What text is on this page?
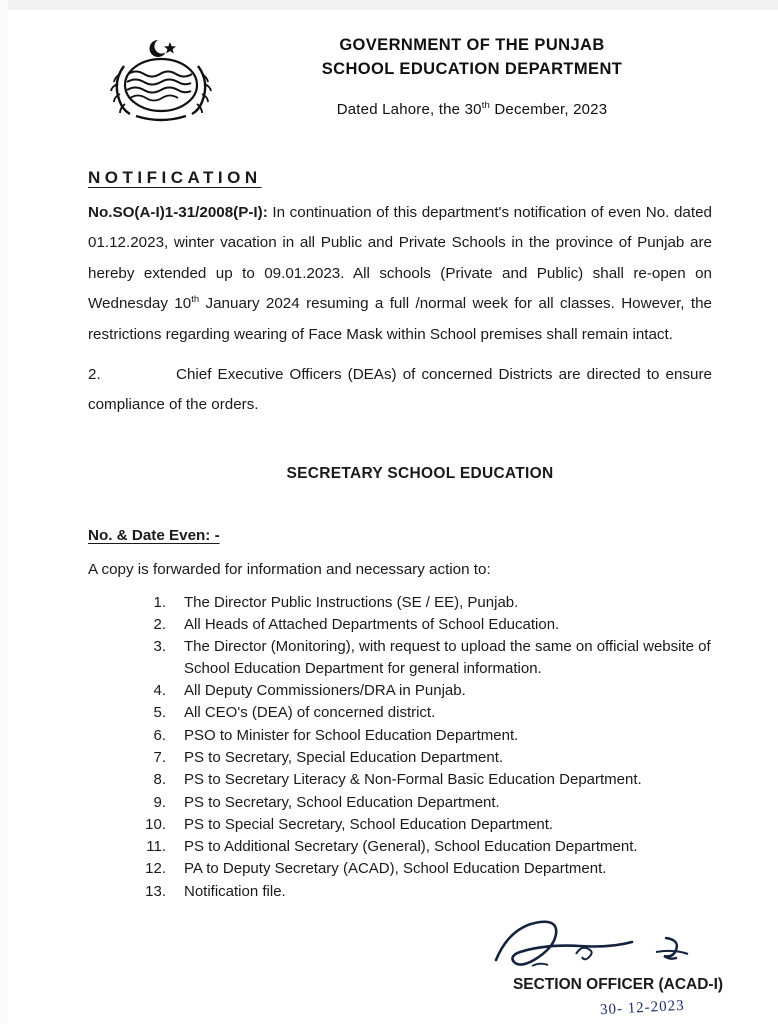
GOVERNMENT OF THE PUNJAB
SCHOOL EDUCATION DEPARTMENT
Dated Lahore, the 30th December, 2023
NOTIFICATION

No.SO(A-I)1-31/2008(P-I): In continuation of this department's notification of even No. dated 01.12.2023, winter vacation in all Public and Private Schools in the province of Punjab are hereby extended up to 09.01.2023. All schools (Private and Public) shall re-open on Wednesday 10th January 2024 resuming a full /normal week for all classes. However, the restrictions regarding wearing of Face Mask within School premises shall remain intact.

2.	Chief Executive Officers (DEAs) of concerned Districts are directed to ensure compliance of the orders.

SECRETARY SCHOOL EDUCATION
No. & Date Even: -
A copy is forwarded for information and necessary action to:
1.	The Director Public Instructions (SE / EE), Punjab.
2.	All Heads of Attached Departments of School Education.
3.	The Director (Monitoring), with request to upload the same on official website of School Education Department for general information.
4.	All Deputy Commissioners/DRA in Punjab.
5.	All CEO's (DEA) of concerned district.
6.	PSO to Minister for School Education Department.
7.	PS to Secretary, Special Education Department.
8.	PS to Secretary Literacy & Non-Formal Basic Education Department.
9.	PS to Secretary, School Education Department.
10.	PS to Special Secretary, School Education Department.
11.	PS to Additional Secretary (General), School Education Department.
12.	PA to Deputy Secretary (ACAD), School Education Department.
13.	Notification file.
SECTION OFFICER (ACAD-I)
30- 12-2023
